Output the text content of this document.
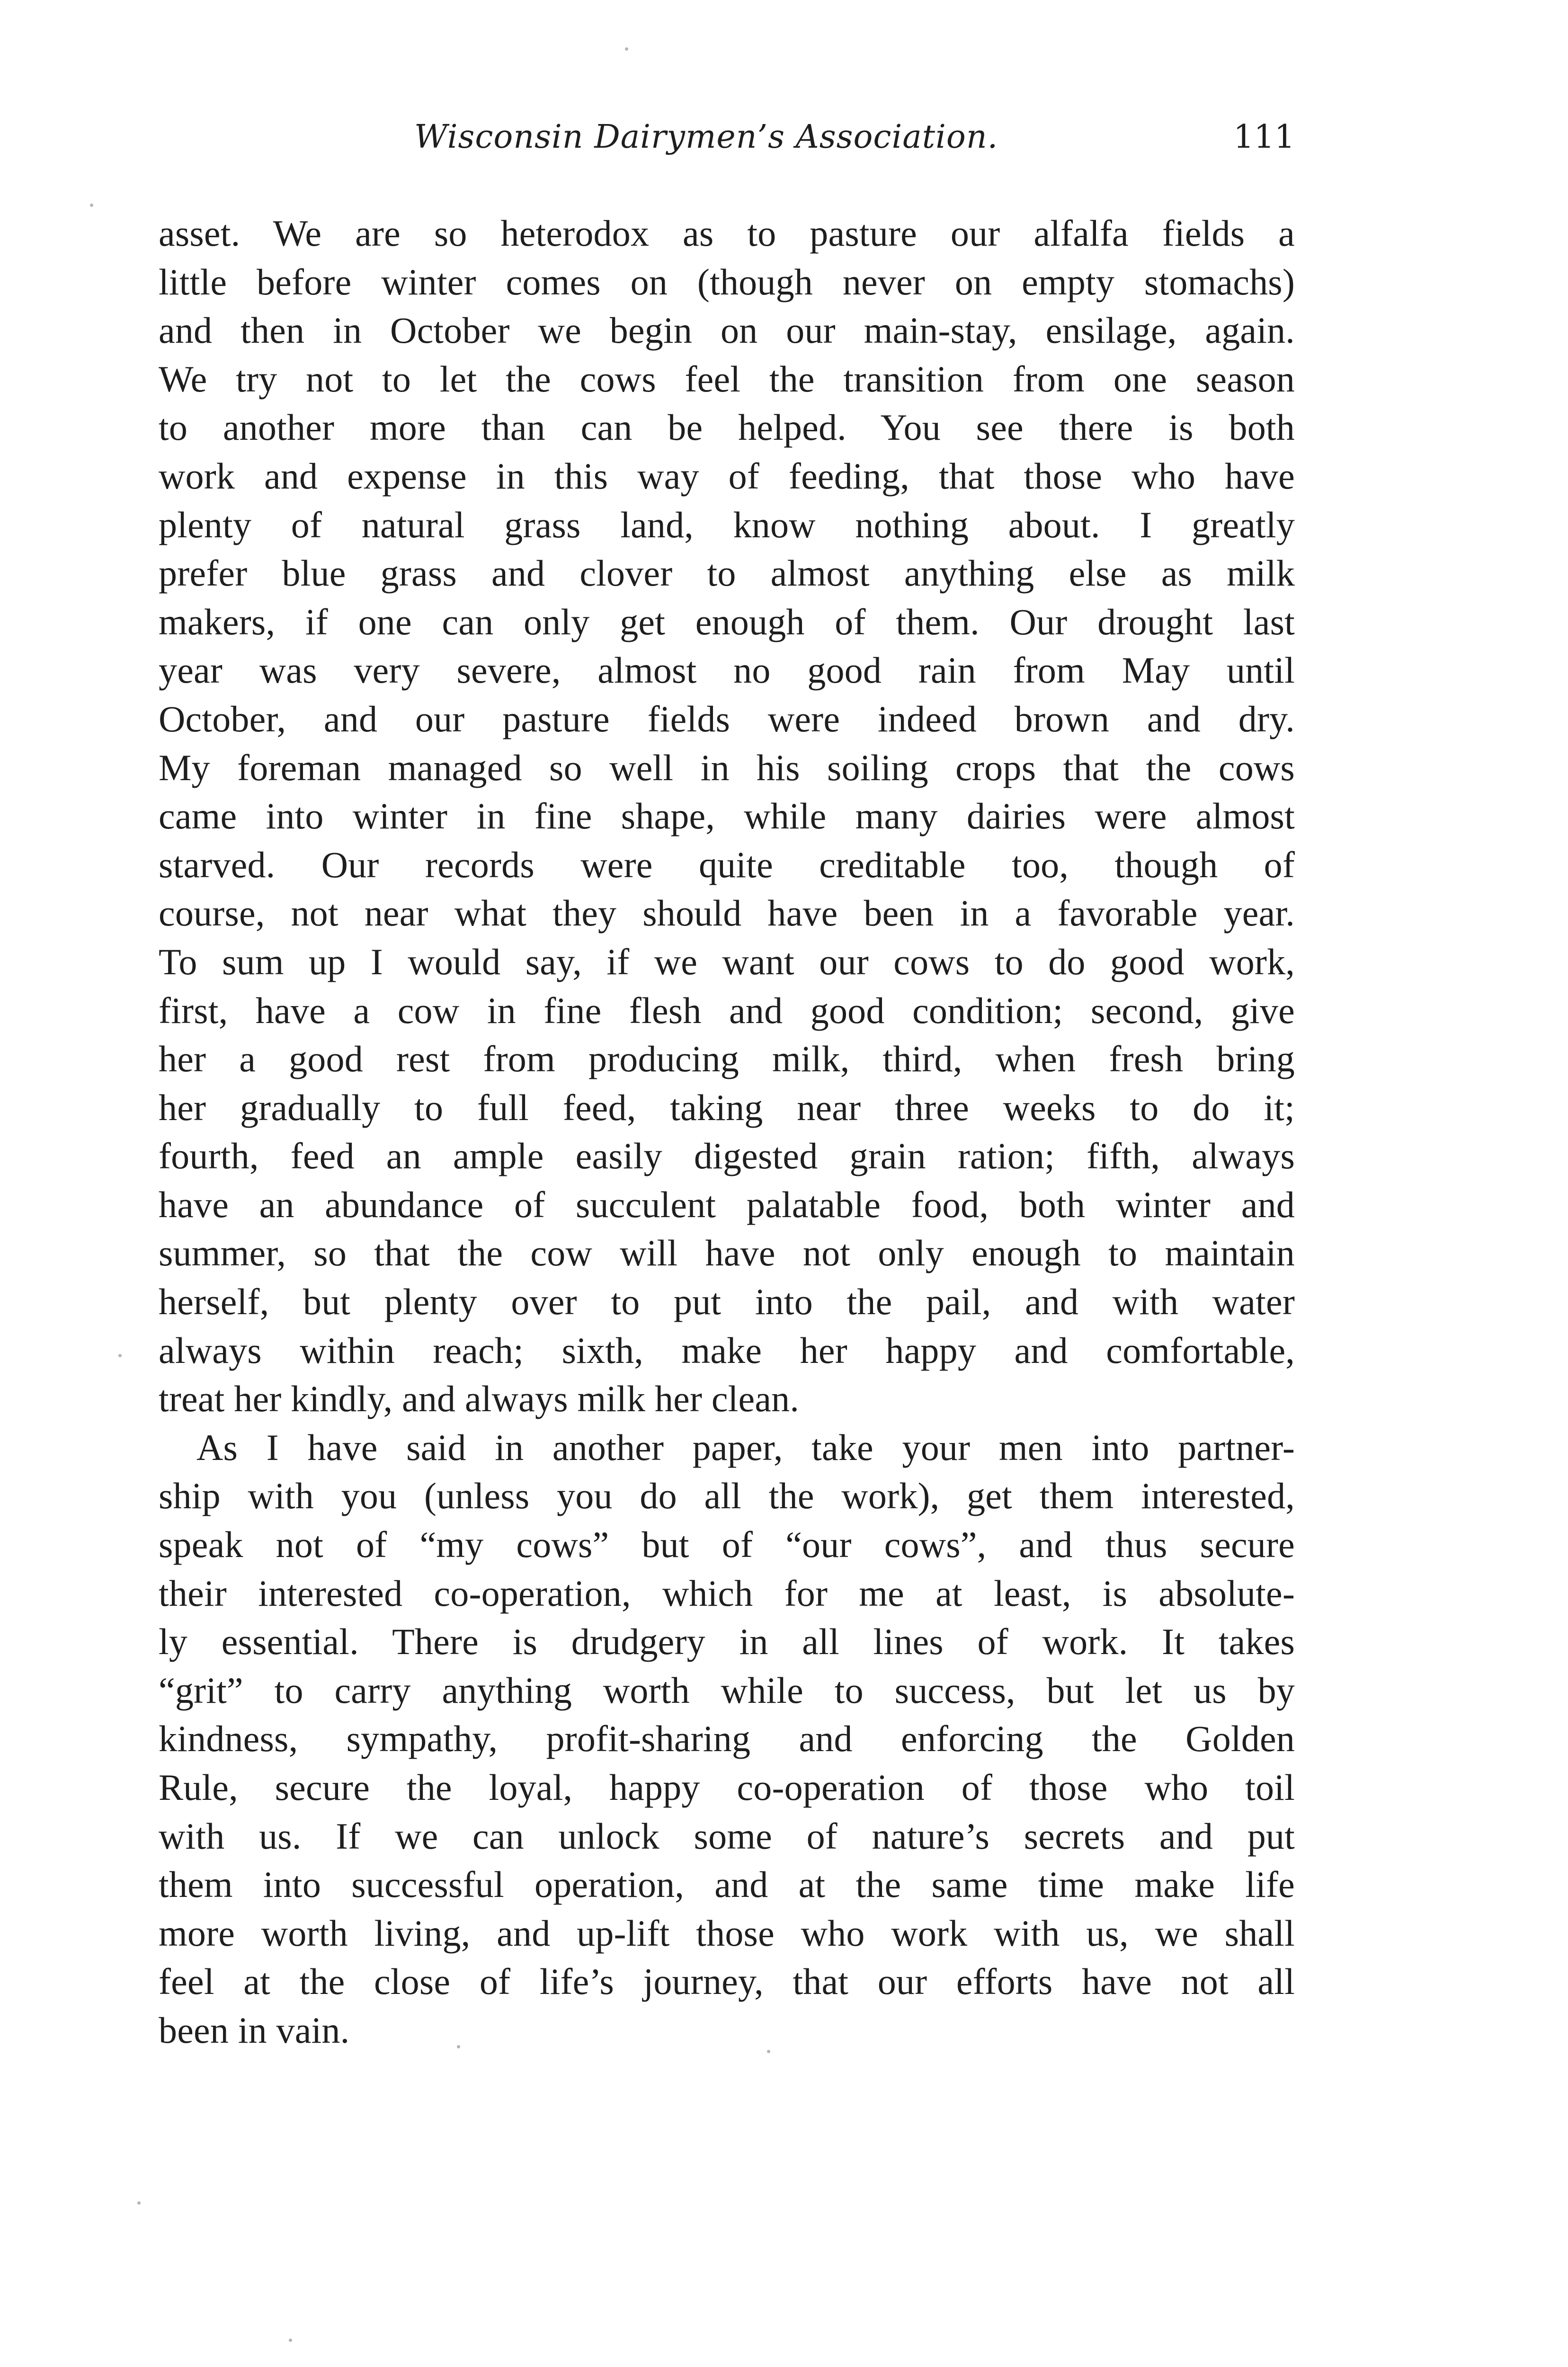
Wisconsin Dairymen’s Association.	111
asset. We are so heterodox as to pasture our alfalfa fields a
little before winter comes on (though never on empty stomachs)
and then in October we begin on our main-stay, ensilage, again.
We try not to let the cows feel the transition from one season
to another more than can be helped. You see there is both
work and expense in this way of feeding, that those who have
plenty of natural grass land, know nothing about. I greatly
prefer blue grass and clover to almost anything else as milk
makers, if one can only get enough of them. Our drought last
year was very severe, almost no good rain from May until
October, and our pasture fields were indeed brown and dry.
My foreman managed so well in his soiling crops that the cows
came into winter in fine shape, while many dairies were almost
starved. Our records were quite creditable too, though of
course, not near what they should have been in a favorable year.
To sum up I would say, if we want our cows to do good work,
first, have a cow in fine flesh and good condition; second, give
her a good rest from producing milk, third, when fresh bring
her gradually to full feed, taking near three weeks to do it;
fourth, feed an ample easily digested grain ration; fifth, always
have an abundance of succulent palatable food, both winter and
summer, so that the cow will have not only enough to maintain
herself, but plenty over to put into the pail, and with water
always within reach; sixth, make her happy and comfortable,
treat her kindly, and always milk her clean.
As I have said in another paper, take your men into partner-
ship with you (unless you do all the work), get them interested,
speak not of “my cows” but of “our cows”, and thus secure
their interested co-operation, which for me at least, is absolute-
ly essential. There is drudgery in all lines of work. It takes
“grit” to carry anything worth while to success, but let us by
kindness, sympathy, profit-sharing and enforcing the Golden
Rule, secure the loyal, happy co-operation of those who toil
with us. If we can unlock some of nature’s secrets and put
them into successful operation, and at the same time make life
more worth living, and up-lift those who work with us, we shall
feel at the close of life’s journey, that our efforts have not all
been in vain.
